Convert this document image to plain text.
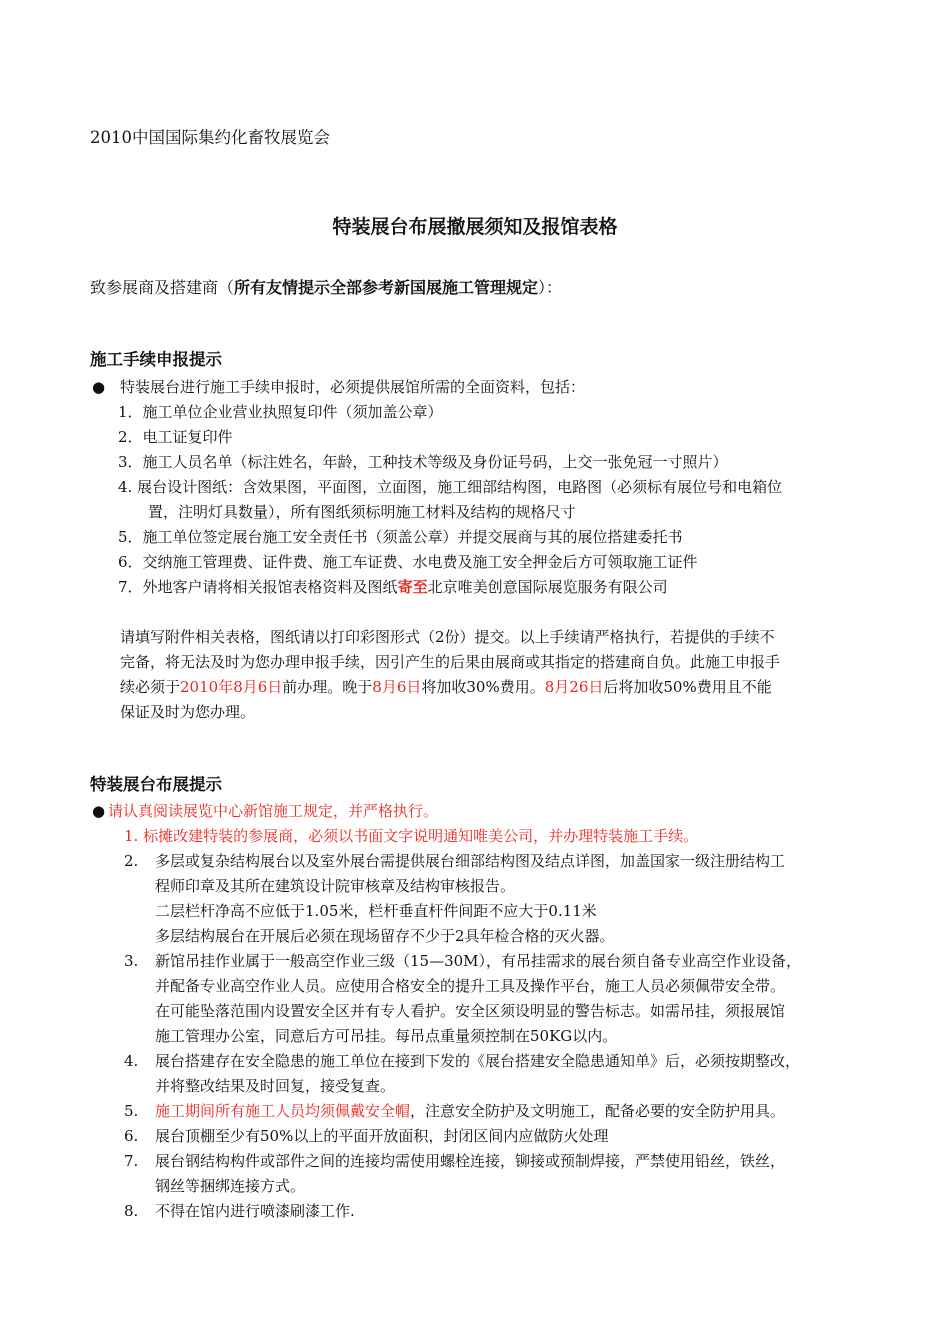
2010中国国际集约化畜牧展览会
特装展台布展撤展须知及报馆表格
致参展商及搭建商（所有友情提示全部参考新国展施工管理规定）：
施工手续申报提示
● 特装展台进行施工手续申报时，必须提供展馆所需的全面资料，包括：
1．施工单位企业营业执照复印件（须加盖公章）
2．电工证复印件
3．施工人员名单（标注姓名，年龄，工种技术等级及身份证号码，上交一张免冠一寸照片）
4. 展台设计图纸：含效果图，平面图，立面图，施工细部结构图，电路图（必须标有展位号和电箱位
置，注明灯具数量），所有图纸须标明施工材料及结构的规格尺寸
5．施工单位签定展台施工安全责任书（须盖公章）并提交展商与其的展位搭建委托书
6．交纳施工管理费、证件费、施工车证费、水电费及施工安全押金后方可领取施工证件
7．外地客户请将相关报馆表格资料及图纸寄至北京唯美创意国际展览服务有限公司
请填写附件相关表格，图纸请以打印彩图形式（2份）提交。以上手续请严格执行，若提供的手续不
完备，将无法及时为您办理申报手续，因引产生的后果由展商或其指定的搭建商自负。此施工申报手
续必须于2010年8月6日前办理。晚于8月6日将加收30%费用。8月26日后将加收50%费用且不能
保证及时为您办理。
特装展台布展提示
● 请认真阅读展览中心新馆施工规定，并严格执行。
1. 标摊改建特装的参展商，必须以书面文字说明通知唯美公司，并办理特装施工手续。
2. 多层或复杂结构展台以及室外展台需提供展台细部结构图及结点详图，加盖国家一级注册结构工
程师印章及其所在建筑设计院审核章及结构审核报告。
二层栏杆净高不应低于1.05米，栏杆垂直杆件间距不应大于0.11米
多层结构展台在开展后必须在现场留存不少于2具年检合格的灭火器。
3. 新馆吊挂作业属于一般高空作业三级（15—30M），有吊挂需求的展台须自备专业高空作业设备，
并配备专业高空作业人员。应使用合格安全的提升工具及操作平台，施工人员必须佩带安全带。
在可能坠落范围内设置安全区并有专人看护。安全区须设明显的警告标志。如需吊挂，须报展馆
施工管理办公室，同意后方可吊挂。每吊点重量须控制在50KG以内。
4. 展台搭建存在安全隐患的施工单位在接到下发的《展台搭建安全隐患通知单》后，必须按期整改，
并将整改结果及时回复，接受复查。
5. 施工期间所有施工人员均须佩戴安全帽，注意安全防护及文明施工，配备必要的安全防护用具。
6. 展台顶棚至少有50%以上的平面开放面积，封闭区间内应做防火处理
7. 展台钢结构构件或部件之间的连接均需使用螺栓连接，铆接或预制焊接，严禁使用铅丝，铁丝，
钢丝等捆绑连接方式。
8. 不得在馆内进行喷漆刷漆工作.
